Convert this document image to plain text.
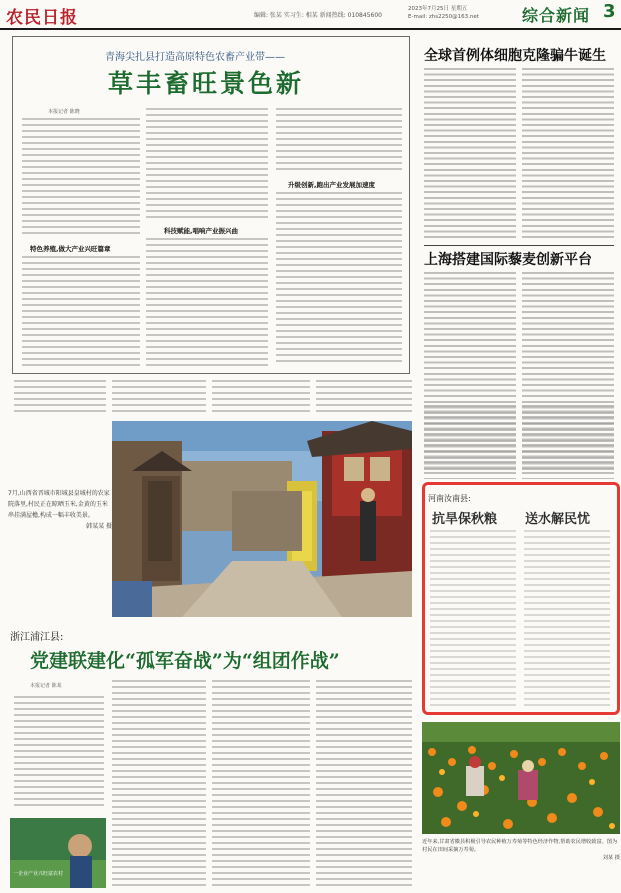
农民日报	编辑: 张某 实习生: 相某 新闻热线: 010845600
2023年7月25日 星期五
E-mail: zhs2250@163.net	综合新闻 3
青海尖扎县打造高原特色农畜产业带——
草丰畜旺景色新
本报记者 陈晓
特色养殖,做大产业兴旺篇章
科技赋能,唱响产业振兴曲
升级创新,跑出产业发展加速度
全球首例体细胞克隆骗牛诞生
上海搭建国际藜麦创新平台
7月,山西省晋城市阳城县皇城村的农家院落里,村民正在晾晒玉米,金黄的玉米串挂满屋檐,构成一幅丰收美景。

韩某某 摄
浙江浦江县:
党建联建化“孤军奋战”为“组团作战”
本报记者 陈某
一企业产业兴旺富农村
河南汝南县:
抗旱保秋粮 送水解民忧
近年来,甘肃省徽县积极引导农民种植万寿菊等特色经济作物,帮助农民增收致富。图为村民在田间采摘万寿菊。
刘某 摄
